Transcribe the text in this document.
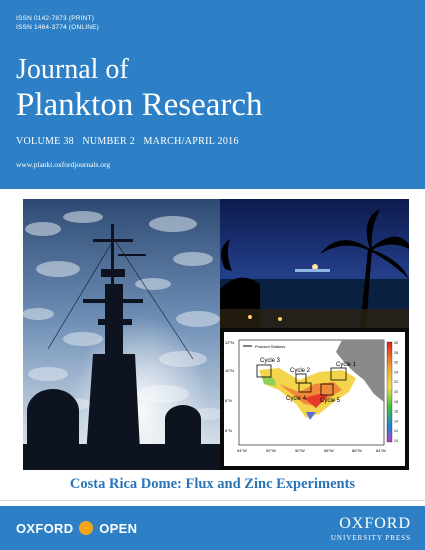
ISSN 0142-7873 (PRINT)
ISSN 1464-3774 (ONLINE)
Journal of
Plankton Research
VOLUME 38 NUMBER 2 MARCH/APRIL 2016
www.plankt.oxfordjournals.org
Protocol Stations
Cycle 3
Cycle 2
Cycle 1
Cycle 4 Cycle 5
12°N
10°N
8°N
6°N
94°W	92°W	90°W	88°W	86°W	84°W
30
28
26
24
22
20
18
16
14
12
10
Costa Rica Dome: Flux and Zinc Experiments
OXFORD OPEN	OXFORD
UNIVERSITY PRESS
